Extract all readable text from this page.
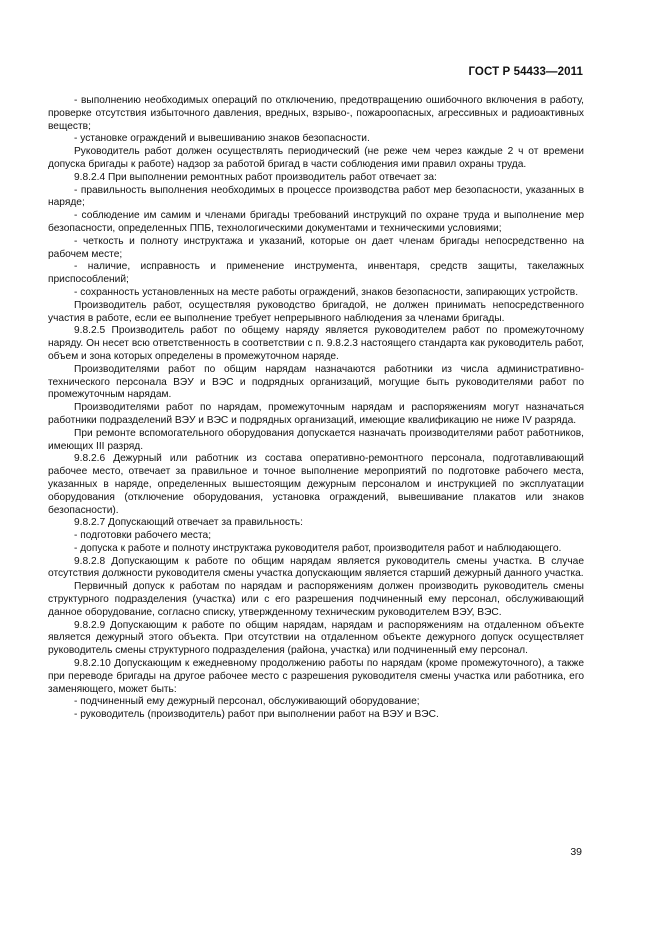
ГОСТ Р 54433—2011

- выполнению необходимых операций по отключению, предотвращению ошибочного включения в работу, проверке отсутствия избыточного давления, вредных, взрыво-, пожароопасных, агрессивных и радиоактивных веществ;

- установке ограждений и вывешиванию знаков безопасности.

Руководитель работ должен осуществлять периодический (не реже чем через каждые 2 ч от времени допуска бригады к работе) надзор за работой бригад в части соблюдения ими правил охраны труда.

9.8.2.4 При выполнении ремонтных работ производитель работ отвечает за:

- правильность выполнения необходимых в процессе производства работ мер безопасности, указанных в наряде;

- соблюдение им самим и членами бригады требований инструкций по охране труда и выполнение мер безопасности, определенных ППБ, технологическими документами и техническими условиями;

- четкость и полноту инструктажа и указаний, которые он дает членам бригады непосредственно на рабочем месте;

- наличие, исправность и применение инструмента, инвентаря, средств защиты, такелажных приспособлений;

- сохранность установленных на месте работы ограждений, знаков безопасности, запирающих устройств.

Производитель работ, осуществляя руководство бригадой, не должен принимать непосредственного участия в работе, если ее выполнение требует непрерывного наблюдения за членами бригады.

9.8.2.5 Производитель работ по общему наряду является руководителем работ по промежуточному наряду. Он несет всю ответственность в соответствии с п. 9.8.2.3 настоящего стандарта как руководитель работ, объем и зона которых определены в промежуточном наряде.

Производителями работ по общим нарядам назначаются работники из числа административно-технического персонала ВЭУ и ВЭС и подрядных организаций, могущие быть руководителями работ по промежуточным нарядам.

Производителями работ по нарядам, промежуточным нарядам и распоряжениям могут назначаться работники подразделений ВЭУ и ВЭС и подрядных организаций, имеющие квалификацию не ниже IV разряда.

При ремонте вспомогательного оборудования допускается назначать производителями работ работников, имеющих III разряд.

9.8.2.6 Дежурный или работник из состава оперативно-ремонтного персонала, подготавливающий рабочее место, отвечает за правильное и точное выполнение мероприятий по подготовке рабочего места, указанных в наряде, определенных вышестоящим дежурным персоналом и инструкцией по эксплуатации оборудования (отключение оборудования, установка ограждений, вывешивание плакатов или знаков безопасности).

9.8.2.7 Допускающий отвечает за правильность:

- подготовки рабочего места;

- допуска к работе и полноту инструктажа руководителя работ, производителя работ и наблюдающего.

9.8.2.8 Допускающим к работе по общим нарядам является руководитель смены участка. В случае отсутствия должности руководителя смены участка допускающим является старший дежурный данного участка.

Первичный допуск к работам по нарядам и распоряжениям должен производить руководитель смены структурного подразделения (участка) или с его разрешения подчиненный ему персонал, обслуживающий данное оборудование, согласно списку, утвержденному техническим руководителем ВЭУ, ВЭС.

9.8.2.9 Допускающим к работе по общим нарядам, нарядам и распоряжениям на отдаленном объекте является дежурный этого объекта. При отсутствии на отдаленном объекте дежурного допуск осуществляет руководитель смены структурного подразделения (района, участка) или подчиненный ему персонал.

9.8.2.10 Допускающим к ежедневному продолжению работы по нарядам (кроме промежуточного), а также при переводе бригады на другое рабочее место с разрешения руководителя смены участка или работника, его заменяющего, может быть:

- подчиненный ему дежурный персонал, обслуживающий оборудование;

- руководитель (производитель) работ при выполнении работ на ВЭУ и ВЭС.

39
